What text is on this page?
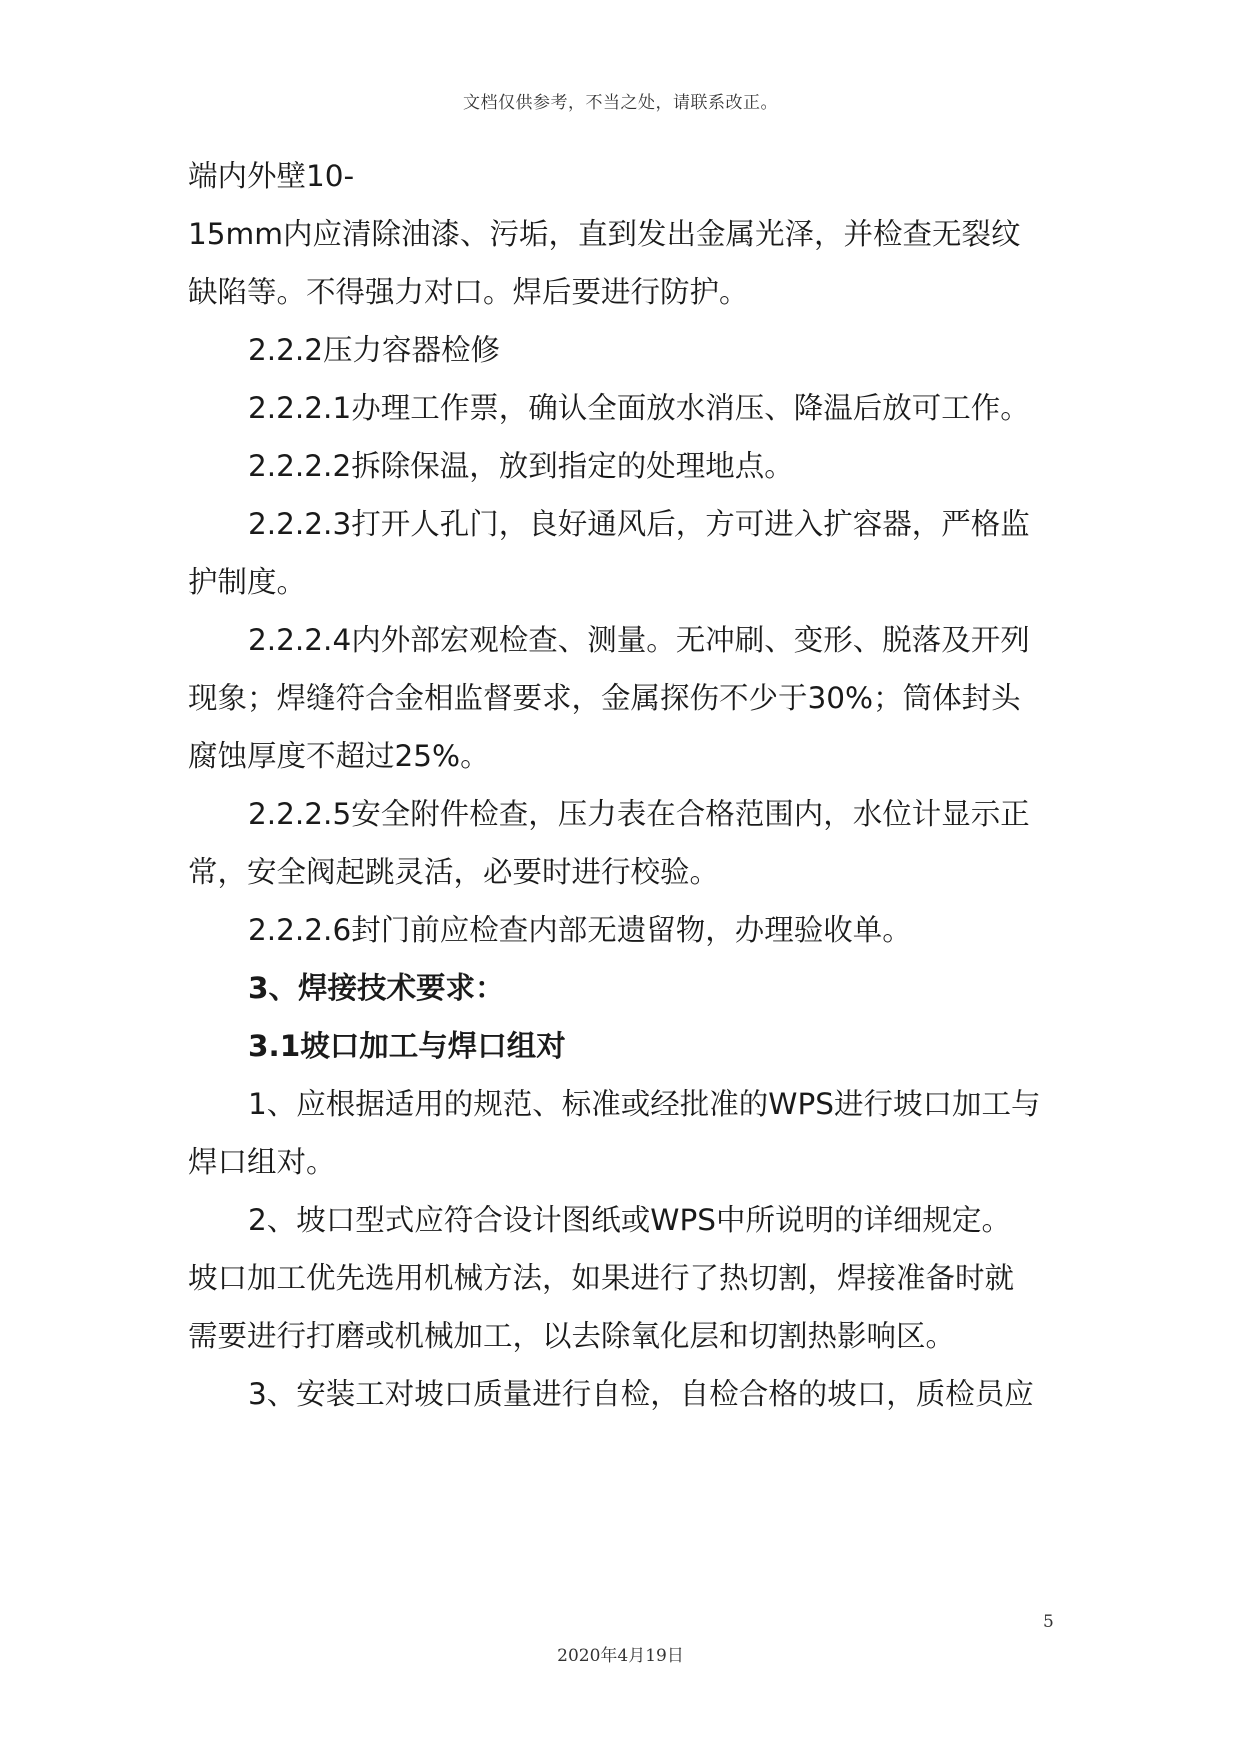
文档仅供参考，不当之处，请联系改正。
端内外壁10-
15mm内应清除油漆、污垢，直到发出金属光泽，并检查无裂纹
缺陷等。不得强力对口。焊后要进行防护。
2.2.2压力容器检修
2.2.2.1办理工作票，确认全面放水消压、降温后放可工作。
2.2.2.2拆除保温，放到指定的处理地点。
2.2.2.3打开人孔门，良好通风后，方可进入扩容器，严格监
护制度。
2.2.2.4内外部宏观检查、测量。无冲刷、变形、脱落及开列
现象；焊缝符合金相监督要求，金属探伤不少于30%；筒体封头
腐蚀厚度不超过25%。
2.2.2.5安全附件检查，压力表在合格范围内，水位计显示正
常，安全阀起跳灵活，必要时进行校验。
2.2.2.6封门前应检查内部无遗留物，办理验收单。
3、焊接技术要求：
3.1坡口加工与焊口组对
1、应根据适用的规范、标准或经批准的WPS进行坡口加工与
焊口组对。
2、坡口型式应符合设计图纸或WPS中所说明的详细规定。
坡口加工优先选用机械方法，如果进行了热切割，焊接准备时就
需要进行打磨或机械加工，以去除氧化层和切割热影响区。
3、安装工对坡口质量进行自检，自检合格的坡口，质检员应
5
2020年4月19日
